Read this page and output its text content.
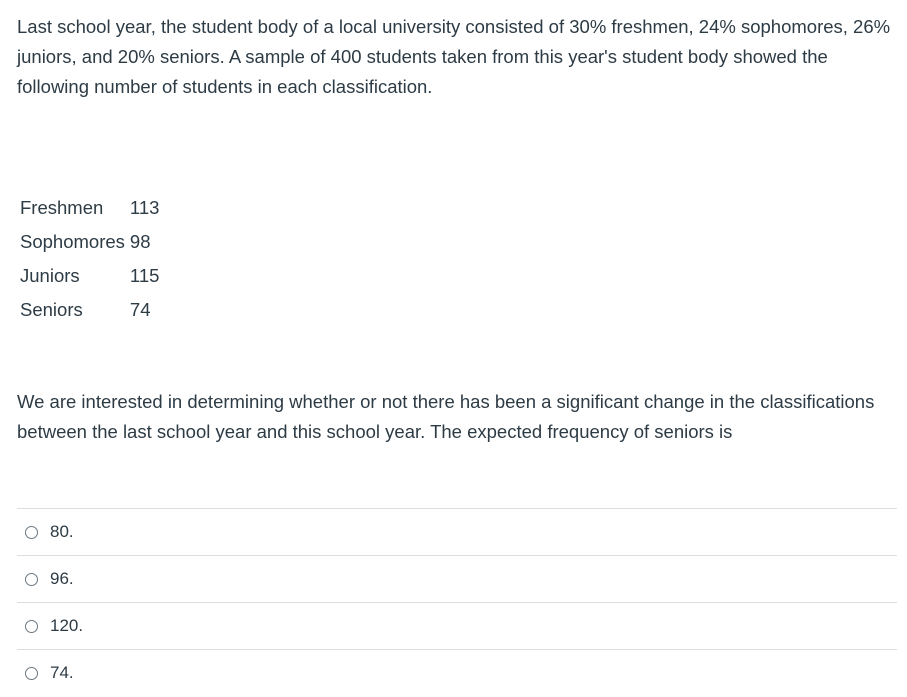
Last school year, the student body of a local university consisted of 30% freshmen, 24% sophomores, 26% juniors, and 20% seniors. A sample of 400 students taken from this year's student body showed the following number of students in each classification.

Freshmen	113
Sophomores	98
Juniors	115
Seniors	74

We are interested in determining whether or not there has been a significant change in the classifications between the last school year and this school year. The expected frequency of seniors is

80.
96.
120.
74.
